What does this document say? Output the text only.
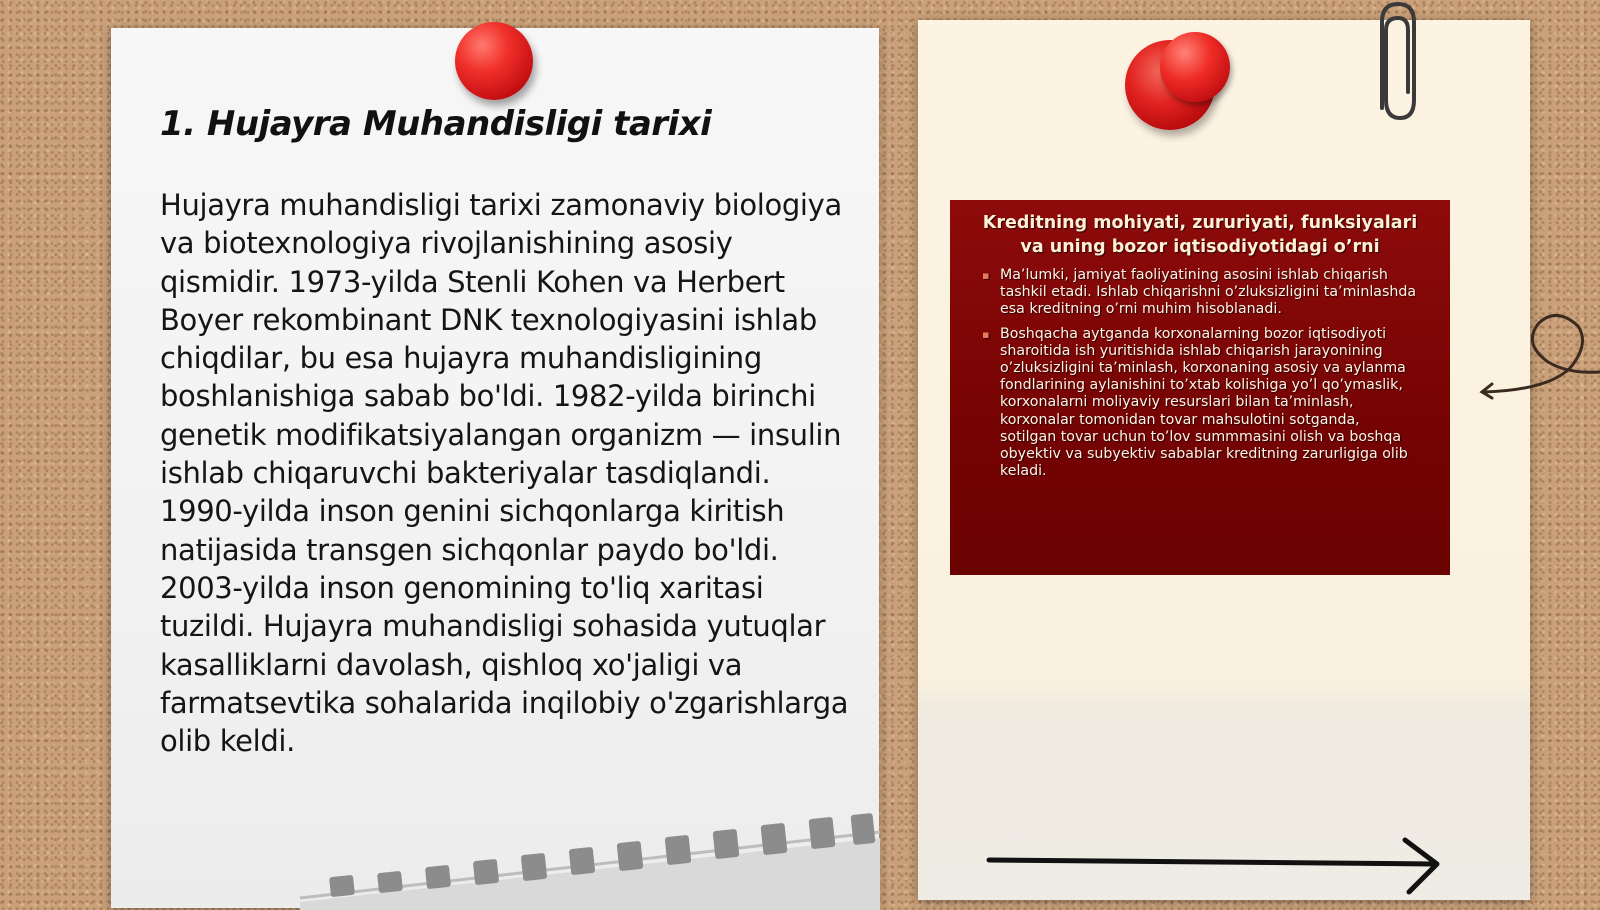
1. Hujayra Muhandisligi tarixi

Hujayra muhandisligi tarixi zamonaviy biologiya va biotexnologiya rivojlanishining asosiy qismidir. 1973-yilda Stenli Kohen va Herbert Boyer rekombinant DNK texnologiyasini ishlab chiqdilar, bu esa hujayra muhandisligining boshlanishiga sabab bo'ldi. 1982-yilda birinchi genetik modifikatsiyalangan organizm — insulin ishlab chiqaruvchi bakteriyalar tasdiqlandi. 1990-yilda inson genini sichqonlarga kiritish natijasida transgen sichqonlar paydo bo'ldi. 2003-yilda inson genomining to'liq xaritasi tuzildi. Hujayra muhandisligi sohasida yutuqlar kasalliklarni davolash, qishloq xo'jaligi va farmatsevtika sohalarida inqilobiy o'zgarishlarga olib keldi.

Kreditning mohiyati, zururiyati, funksiyalari va uning bozor iqtisodiyotidagi o’rni
▪ Ma’lumki, jamiyat faoliyatining asosini ishlab chiqarish tashkil etadi. Ishlab chiqarishni o’zluksizligini ta’minlashda esa kreditning o’rni muhim hisoblanadi.
▪ Boshqacha aytganda korxonalarning bozor iqtisodiyoti sharoitida ish yuritishida ishlab chiqarish jarayonining o’zluksizligini ta’minlash, korxonaning asosiy va aylanma fondlarining aylanishini to’xtab kolishiga yo’l qo’ymaslik, korxonalarni moliyaviy resurslari bilan ta’minlash, korxonalar tomonidan tovar mahsulotini sotganda, sotilgan tovar uchun to’lov summmasini olish va boshqa obyektiv va subyektiv sabablar kreditning zarurligiga olib keladi.
